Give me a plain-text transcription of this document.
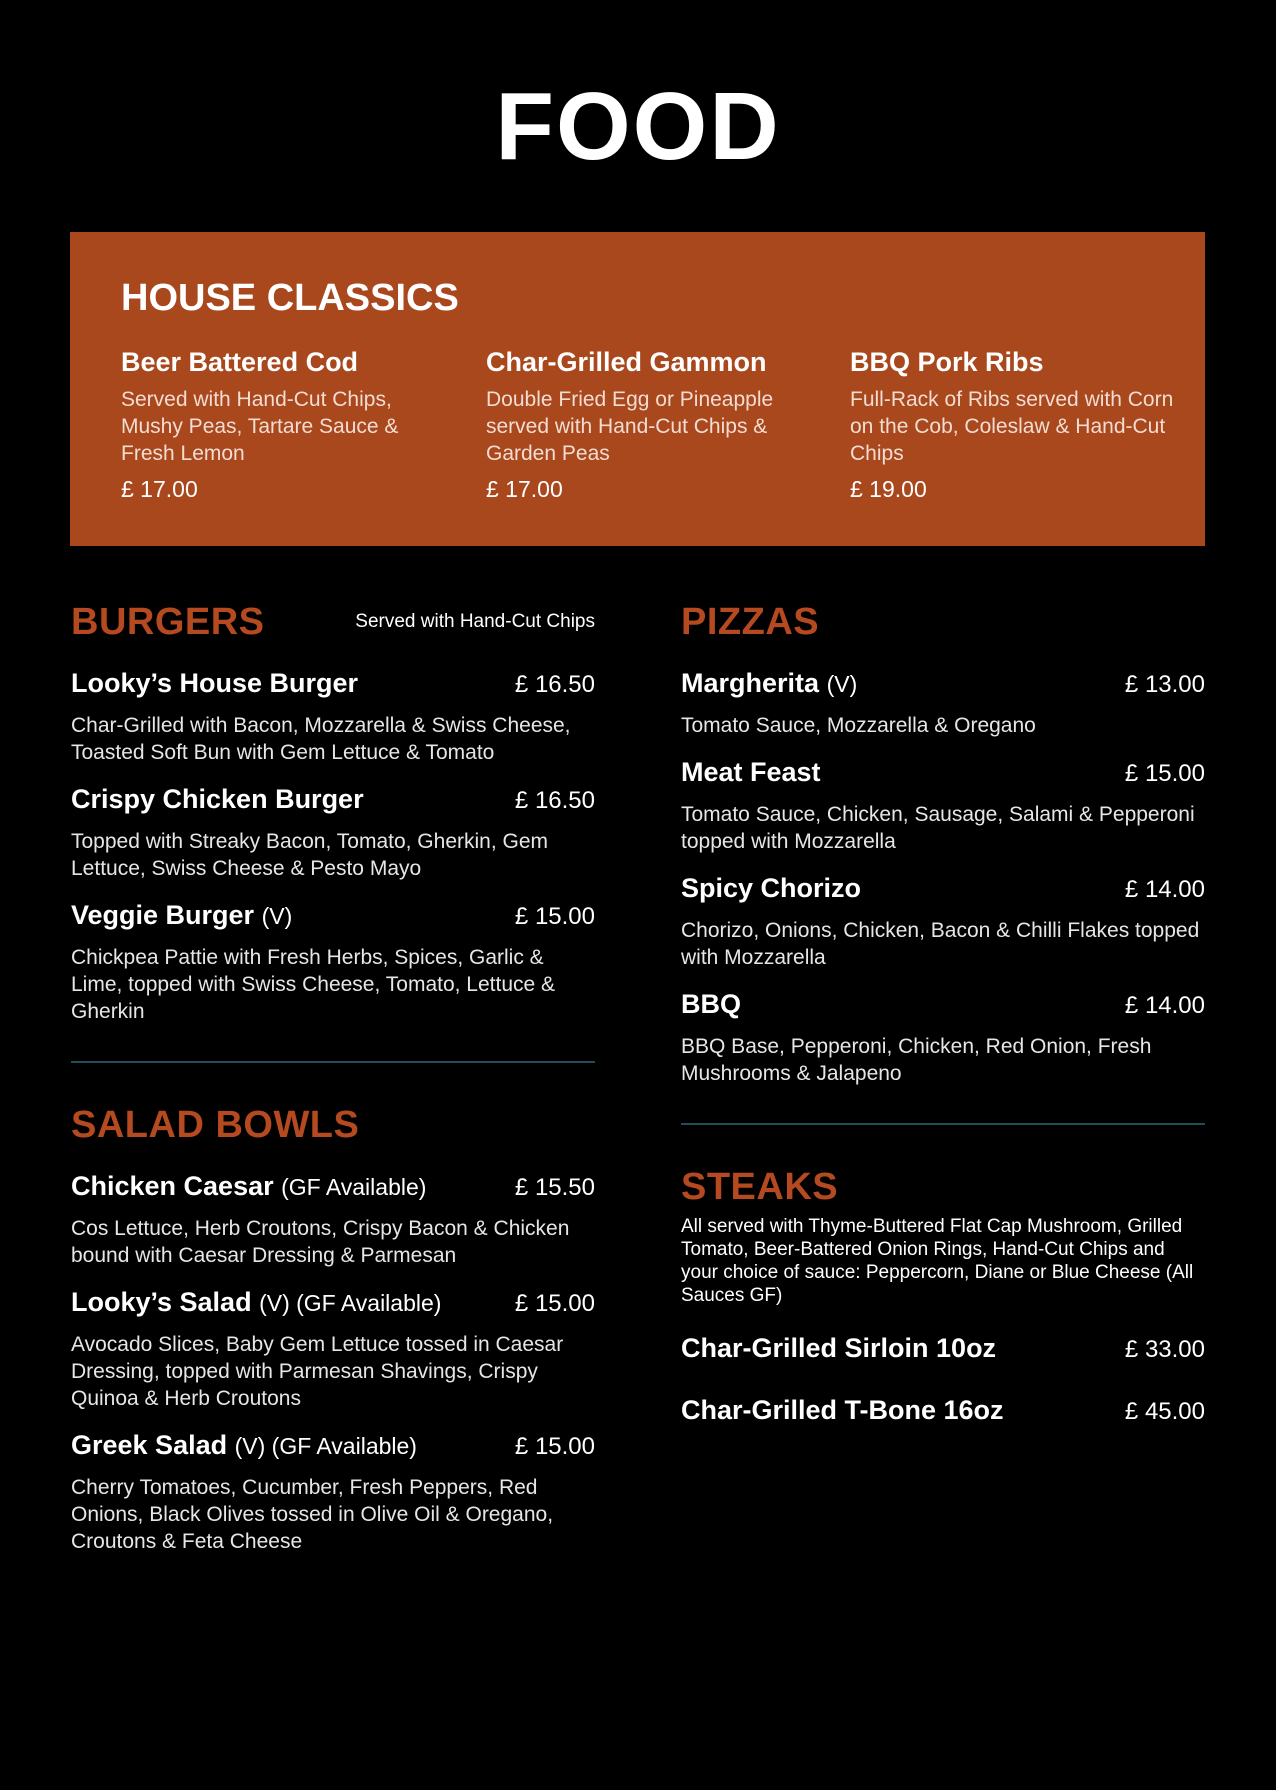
FOOD
HOUSE CLASSICS
Beer Battered Cod
Served with Hand-Cut Chips, Mushy Peas, Tartare Sauce & Fresh Lemon
£ 17.00
Char-Grilled Gammon
Double Fried Egg or Pineapple served with Hand-Cut Chips & Garden Peas
£ 17.00
BBQ Pork Ribs
Full-Rack of Ribs served with Corn on the Cob, Coleslaw & Hand-Cut Chips
£ 19.00
BURGERS	Served with Hand-Cut Chips
Looky’s House Burger	£ 16.50
Char-Grilled with Bacon, Mozzarella & Swiss Cheese, Toasted Soft Bun with Gem Lettuce & Tomato
Crispy Chicken Burger	£ 16.50
Topped with Streaky Bacon, Tomato, Gherkin, Gem Lettuce, Swiss Cheese & Pesto Mayo
Veggie Burger (V)	£ 15.00
Chickpea Pattie with Fresh Herbs, Spices, Garlic & Lime, topped with Swiss Cheese, Tomato, Lettuce & Gherkin
SALAD BOWLS
Chicken Caesar (GF Available)	£ 15.50
Cos Lettuce, Herb Croutons, Crispy Bacon & Chicken bound with Caesar Dressing & Parmesan
Looky’s Salad (V) (GF Available)	£ 15.00
Avocado Slices, Baby Gem Lettuce tossed in Caesar Dressing, topped with Parmesan Shavings, Crispy Quinoa & Herb Croutons
Greek Salad (V) (GF Available)	£ 15.00
Cherry Tomatoes, Cucumber, Fresh Peppers, Red Onions, Black Olives tossed in Olive Oil & Oregano, Croutons & Feta Cheese
PIZZAS
Margherita (V)	£ 13.00
Tomato Sauce, Mozzarella & Oregano
Meat Feast	£ 15.00
Tomato Sauce, Chicken, Sausage, Salami & Pepperoni topped with Mozzarella
Spicy Chorizo	£ 14.00
Chorizo, Onions, Chicken, Bacon & Chilli Flakes topped with Mozzarella
BBQ	£ 14.00
BBQ Base, Pepperoni, Chicken, Red Onion, Fresh Mushrooms & Jalapeno
STEAKS
All served with Thyme-Buttered Flat Cap Mushroom, Grilled Tomato, Beer-Battered Onion Rings, Hand-Cut Chips and your choice of sauce: Peppercorn, Diane or Blue Cheese (All Sauces GF)
Char-Grilled Sirloin 10oz	£ 33.00
Char-Grilled T-Bone 16oz	£ 45.00
